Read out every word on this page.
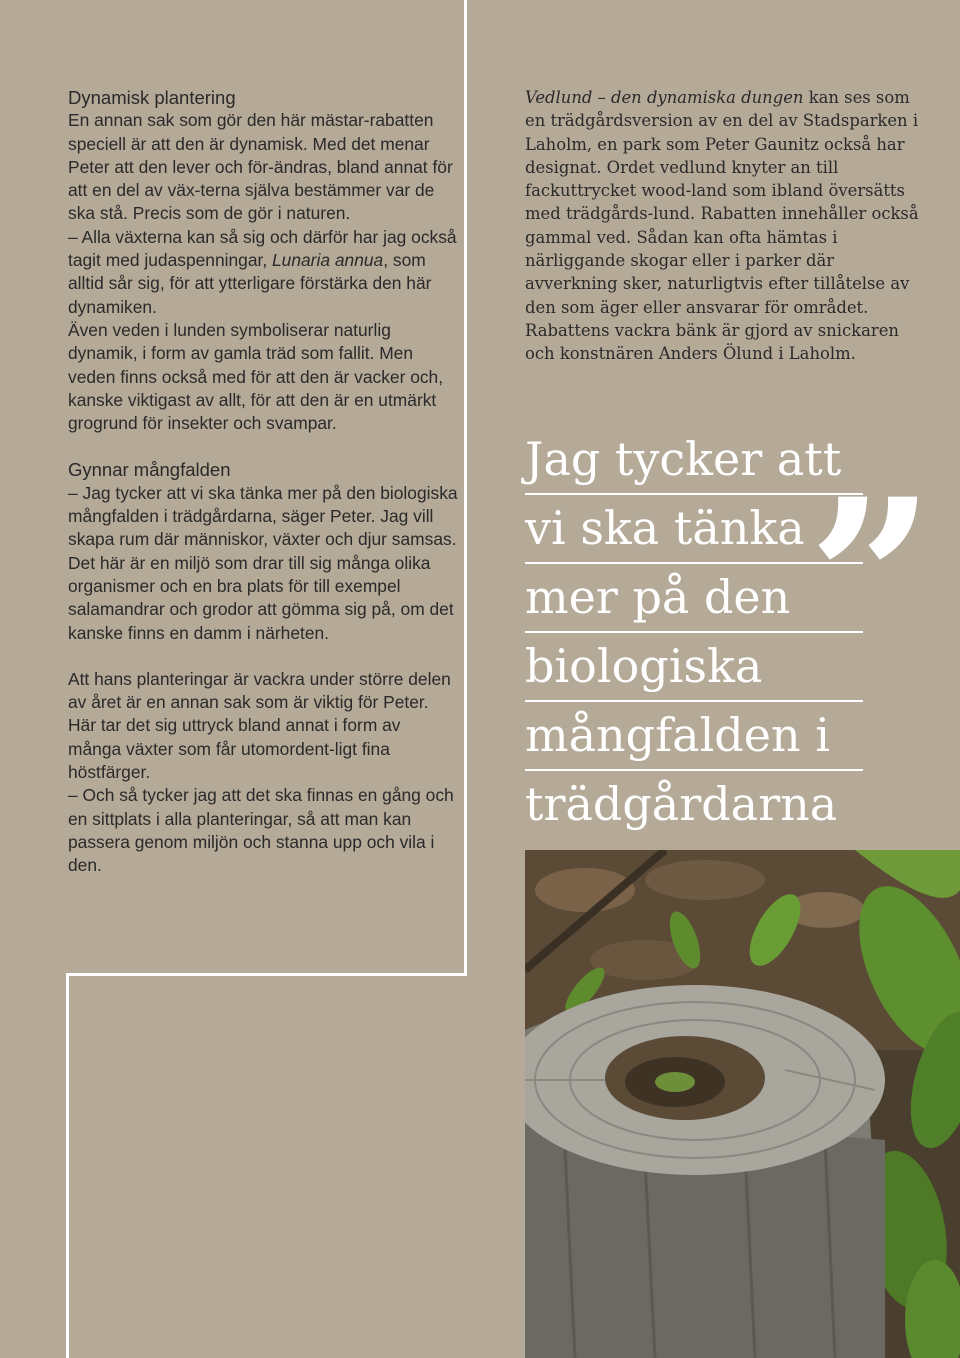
Dynamisk plantering

En annan sak som gör den här mästar-rabatten speciell är att den är dynamisk. Med det menar Peter att den lever och för-ändras, bland annat för att en del av väx-terna själva bestämmer var de ska stå. Precis som de gör i naturen.

– Alla växterna kan så sig och därför har jag också tagit med judaspenningar, Lunaria annua, som alltid sår sig, för att ytterligare förstärka den här dynamiken.

Även veden i lunden symboliserar naturlig dynamik, i form av gamla träd som fallit. Men veden finns också med för att den är vacker och, kanske viktigast av allt, för att den är en utmärkt grogrund för insekter och svampar.

Gynnar mångfalden

– Jag tycker att vi ska tänka mer på den biologiska mångfalden i trädgårdarna, säger Peter. Jag vill skapa rum där människor, växter och djur samsas. Det här är en miljö som drar till sig många olika organismer och en bra plats för till exempel salamandrar och grodor att gömma sig på, om det kanske finns en damm i närheten.

Att hans planteringar är vackra under större delen av året är en annan sak som är viktig för Peter. Här tar det sig uttryck bland annat i form av många växter som får utomordent-ligt fina höstfärger.

– Och så tycker jag att det ska finnas en gång och en sittplats i alla planteringar, så att man kan passera genom miljön och stanna upp och vila i den.

Vedlund – den dynamiska dungen kan ses som en trädgårdsversion av en del av Stadsparken i Laholm, en park som Peter Gaunitz också har designat. Ordet vedlund knyter an till fackuttrycket wood-land som ibland översätts med trädgårds-lund. Rabatten innehåller också gammal ved. Sådan kan ofta hämtas i närliggande skogar eller i parker där avverkning sker, naturligtvis efter tillåtelse av den som äger eller ansvarar för området.

Rabattens vackra bänk är gjord av snickaren och konstnären Anders Ölund i Laholm.

Jag tycker att
vi ska tänka
mer på den
biologiska
mångfalden i
trädgårdarna
”
